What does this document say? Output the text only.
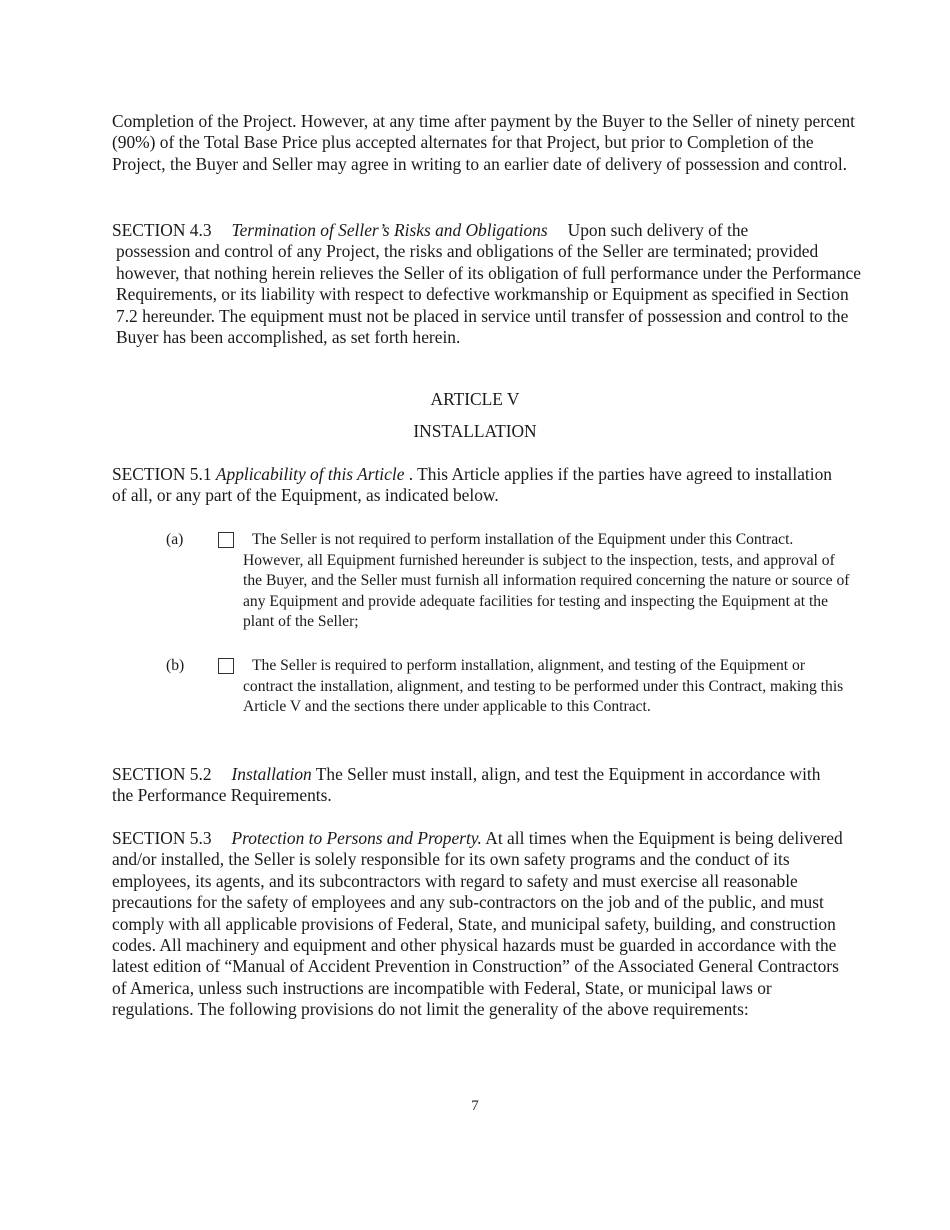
Completion of the Project. However, at any time after payment by the Buyer to the Seller of ninety percent (90%) of the Total Base Price plus accepted alternates for that Project, but prior to Completion of the Project, the Buyer and Seller may agree in writing to an earlier date of delivery of possession and control.

SECTION 4.3 Termination of Seller’s Risks and Obligations Upon such delivery of the
possession and control of any Project, the risks and obligations of the Seller are terminated; provided however, that nothing herein relieves the Seller of its obligation of full performance under the Performance Requirements, or its liability with respect to defective workmanship or Equipment as specified in Section 7.2 hereunder. The equipment must not be placed in service until transfer of possession and control to the Buyer has been accomplished, as set forth herein.

ARTICLE V

INSTALLATION

SECTION 5.1 Applicability of this Article . This Article applies if the parties have agreed to installation of all, or any part of the Equipment, as indicated below.

(a)	The Seller is not required to perform installation of the Equipment under this Contract. However, all Equipment furnished hereunder is subject to the inspection, tests, and approval of the Buyer, and the Seller must furnish all information required concerning the nature or source of any Equipment and provide adequate facilities for testing and inspecting the Equipment at the plant of the Seller;
(b)	The Seller is required to perform installation, alignment, and testing of the Equipment or contract the installation, alignment, and testing to be performed under this Contract, making this Article V and the sections there under applicable to this Contract.

SECTION 5.2 Installation The Seller must install, align, and test the Equipment in accordance with the Performance Requirements.

SECTION 5.3 Protection to Persons and Property. At all times when the Equipment is being delivered and/or installed, the Seller is solely responsible for its own safety programs and the conduct of its employees, its agents, and its subcontractors with regard to safety and must exercise all reasonable precautions for the safety of employees and any sub-contractors on the job and of the public, and must comply with all applicable provisions of Federal, State, and municipal safety, building, and construction codes. All machinery and equipment and other physical hazards must be guarded in accordance with the latest edition of “Manual of Accident Prevention in Construction” of the Associated General Contractors of America, unless such instructions are incompatible with Federal, State, or municipal laws or regulations. The following provisions do not limit the generality of the above requirements:

7
